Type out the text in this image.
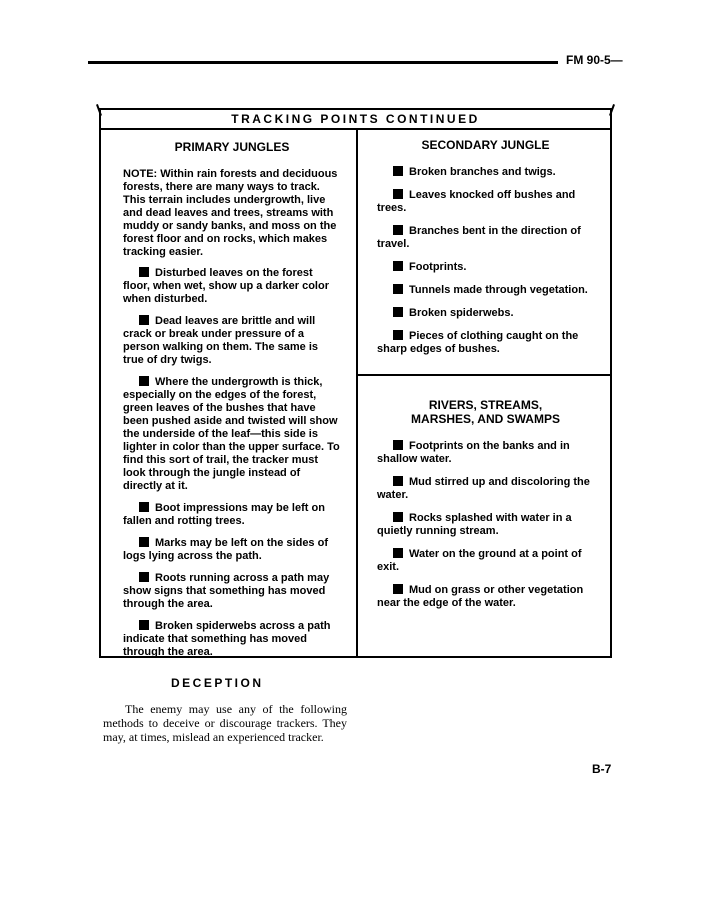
FM 90-5—
TRACKING POINTS CONTINUED
PRIMARY JUNGLES

NOTE: Within rain forests and deciduous forests, there are many ways to track. This terrain includes undergrowth, live and dead leaves and trees, streams with muddy or sandy banks, and moss on the forest floor and on rocks, which makes tracking easier.

Disturbed leaves on the forest floor, when wet, show up a darker color when disturbed.

Dead leaves are brittle and will crack or break under pressure of a person walking on them. The same is true of dry twigs.

Where the undergrowth is thick, especially on the edges of the forest, green leaves of the bushes that have been pushed aside and twisted will show the underside of the leaf—this side is lighter in color than the upper surface. To find this sort of trail, the tracker must look through the jungle instead of directly at it.

Boot impressions may be left on fallen and rotting trees.

Marks may be left on the sides of logs lying across the path.

Roots running across a path may show signs that something has moved through the area.

Broken spiderwebs across a path indicate that something has moved through the area.

SECONDARY JUNGLE

Broken branches and twigs.

Leaves knocked off bushes and trees.

Branches bent in the direction of travel.

Footprints.

Tunnels made through vegetation.

Broken spiderwebs.

Pieces of clothing caught on the sharp edges of bushes.

RIVERS, STREAMS,
MARSHES, AND SWAMPS

Footprints on the banks and in shallow water.

Mud stirred up and discoloring the water.

Rocks splashed with water in a quietly running stream.

Water on the ground at a point of exit.

Mud on grass or other vegetation near the edge of the water.

DECEPTION

The enemy may use any of the following methods to deceive or discourage trackers. They may, at times, mislead an experienced tracker.

B-7
